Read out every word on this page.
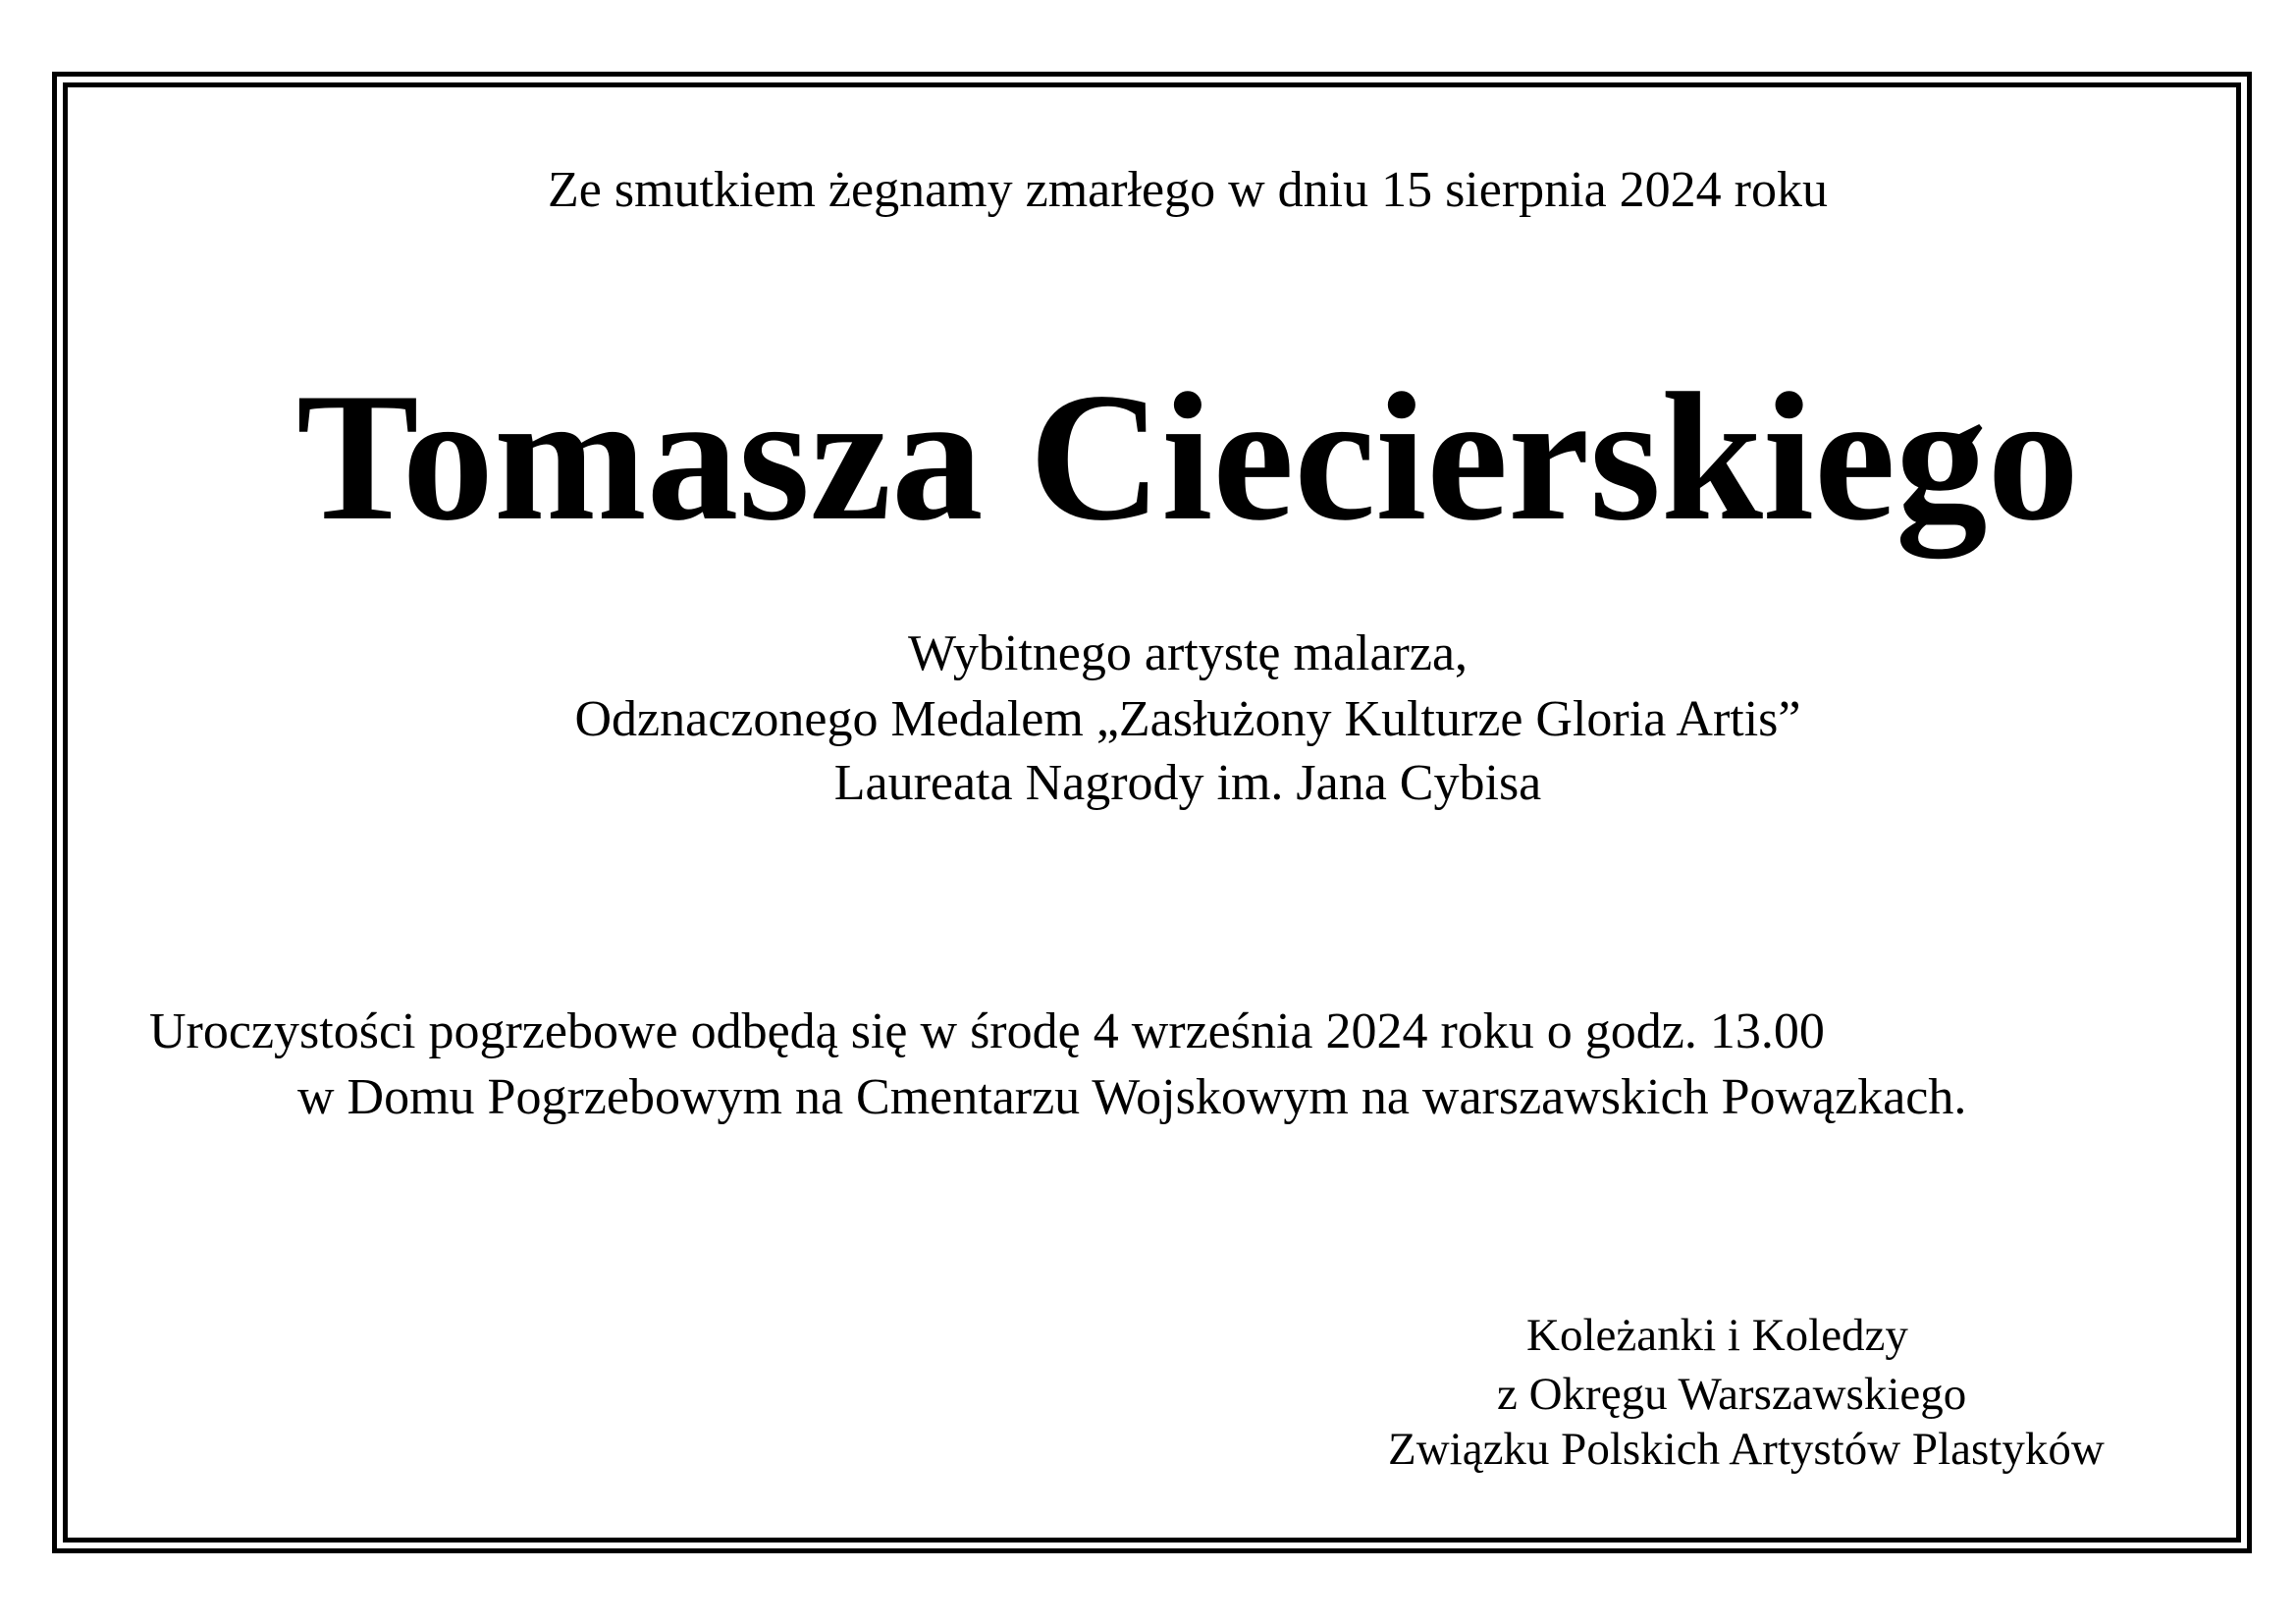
Ze smutkiem żegnamy zmarłego w dniu 15 sierpnia 2024 roku
Tomasza Ciecierskiego
Wybitnego artystę malarza,
Odznaczonego Medalem „Zasłużony Kulturze Gloria Artis”
Laureata Nagrody im. Jana Cybisa
Uroczystości pogrzebowe odbędą się w środę 4 września 2024 roku o godz. 13.00
w Domu Pogrzebowym na Cmentarzu Wojskowym na warszawskich Powązkach.
Koleżanki i Koledzy
z Okręgu Warszawskiego
Związku Polskich Artystów Plastyków
